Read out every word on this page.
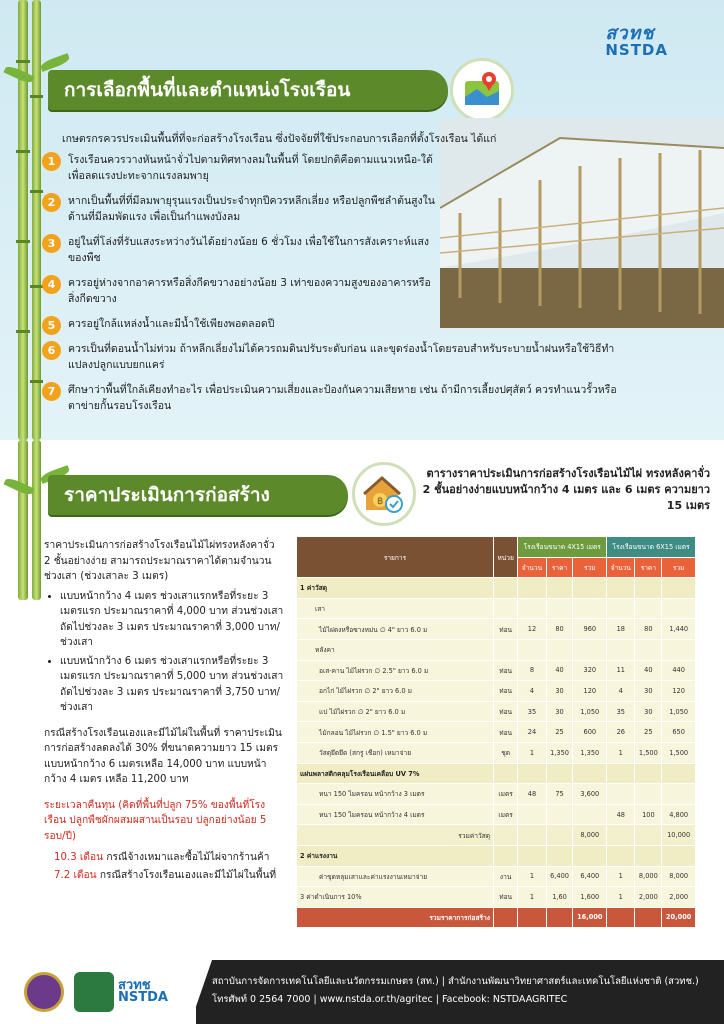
สวทช
NSTDA
การเลือกพื้นที่และตำแหน่งโรงเรือน
เกษตรกรควรประเมินพื้นที่ที่จะก่อสร้างโรงเรือน ซึ่งปัจจัยที่ใช้ประกอบการเลือกที่ตั้งโรงเรือน ได้แก่
1	โรงเรือนควรวางหันหน้าจั่วไปตามทิศทางลมในพื้นที่ โดยปกติคือตามแนวเหนือ-ใต้ เพื่อลดแรงปะทะจากแรงลมพายุ
2	หากเป็นพื้นที่ที่มีลมพายุรุนแรงเป็นประจำทุกปีควรหลีกเลี่ยง หรือปลูกพืชลำต้นสูงในด้านที่มีลมพัดแรง เพื่อเป็นกำแพงบังลม
3	อยู่ในที่โล่งที่รับแสงระหว่างวันได้อย่างน้อย 6 ชั่วโมง เพื่อใช้ในการสังเคราะห์แสงของพืช
4	ควรอยู่ห่างจากอาคารหรือสิ่งกีดขวางอย่างน้อย 3 เท่าของความสูงของอาคารหรือสิ่งกีดขวาง
5	ควรอยู่ใกล้แหล่งน้ำและมีน้ำใช้เพียงพอตลอดปี
6	ควรเป็นที่ดอนน้ำไม่ท่วม ถ้าหลีกเลี่ยงไม่ได้ควรถมดินปรับระดับก่อน และขุดร่องน้ำโดยรอบสำหรับระบายน้ำฝนหรือใช้วิธีทำแปลงปลูกแบบยกแคร่
7	ศึกษาว่าพื้นที่ใกล้เคียงทำอะไร เพื่อประเมินความเสี่ยงและป้องกันความเสียหาย เช่น ถ้ามีการเลี้ยงปศุสัตว์ ควรทำแนวรั้วหรือตาข่ายกั้นรอบโรงเรือน
ราคาประเมินการก่อสร้าง	฿
ตารางราคาประเมินการก่อสร้างโรงเรือนไม้ไผ่ ทรงหลังคาจั่ว 2 ชั้นอย่างง่ายแบบหน้ากว้าง 4 เมตร และ 6 เมตร ความยาว 15 เมตร
ราคาประเมินการก่อสร้างโรงเรือนไม้ไผ่ทรงหลังคาจั่ว 2 ชั้นอย่างง่าย สามารถประมาณราคาได้ตามจำนวนช่วงเสา (ช่วงเสาละ 3 เมตร)
• แบบหน้ากว้าง 4 เมตร ช่วงเสาแรกหรือที่ระยะ 3 เมตรแรก ประมาณราคาที่ 4,000 บาท ส่วนช่วงเสาถัดไปช่วงละ 3 เมตร ประมาณราคาที่ 3,000 บาท/ช่วงเสา
• แบบหน้ากว้าง 6 เมตร ช่วงเสาแรกหรือที่ระยะ 3 เมตรแรก ประมาณราคาที่ 5,000 บาท ส่วนช่วงเสาถัดไปช่วงละ 3 เมตร ประมาณราคาที่ 3,750 บาท/ช่วงเสา

กรณีสร้างโรงเรือนเองและมีไม้ไผ่ในพื้นที่ ราคาประเมินการก่อสร้างลดลงได้ 30% ที่ขนาดความยาว 15 เมตร แบบหน้ากว้าง 6 เมตรเหลือ 14,000 บาท แบบหน้ากว้าง 4 เมตร เหลือ 11,200 บาท

ระยะเวลาคืนทุน (คิดที่พื้นที่ปลูก 75% ของพื้นที่โรงเรือน ปลูกพืชผักผสมผสานเป็นรอบ ปลูกอย่างน้อย 5 รอบ/ปี)

10.3 เดือน กรณีจ้างเหมาและซื้อไม้ไผ่จากร้านค้า

7.2 เดือน กรณีสร้างโรงเรือนเองและมีไม้ไผ่ในพื้นที่

รายการ	หน่วย	โรงเรือนขนาด 4X15 เมตร			โรงเรือนขนาด 6X15 เมตร		
		จำนวน	ราคา	รวม	จำนวน	ราคา	รวม
1 ค่าวัสดุ							
เสา							
ไม้ไผ่ตงหรือซางหม่น ∅ 4" ยาว 6.0 ม	ท่อน	12	80	960	18	80	1,440
หลังคา							
อเส-คาน ไม้ไผ่รวก ∅ 2.5" ยาว 6.0 ม	ท่อน	8	40	320	11	40	440
อกไก่ ไม้ไผ่รวก ∅ 2" ยาว 6.0 ม	ท่อน	4	30	120	4	30	120
แป ไม้ไผ่รวก ∅ 2" ยาว 6.0 ม	ท่อน	35	30	1,050	35	30	1,050
ไม้กลอน ไม้ไผ่รวก ∅ 1.5" ยาว 6.0 ม	ท่อน	24	25	600	26	25	650
วัสดุยึดยึด (สกรู เชือก) เหมาจ่าย	ชุด	1	1,350	1,350	1	1,500	1,500
แผ่นพลาสติกคลุมโรงเรือนเคลือบ UV 7%							
หนา 150 ไมครอน หน้ากว้าง 3 เมตร	เมตร	48	75	3,600			
หนา 150 ไมครอน หน้ากว้าง 4 เมตร	เมตร				48	100	4,800
รวมค่าวัสดุ				8,000			10,000
2 ค่าแรงงาน							
ค่าขุดหลุมเสาและค่าแรงงานเหมาจ่าย	งาน	1	6,400	6,400	1	8,000	8,000
3 ค่าดำเนินการ 10%	ท่อน	1	1,60	1,600	1	2,000	2,000
รวมราคาการก่อสร้าง				16,000			20,000
สวทช
NSTDA
สถาบันการจัดการเทคโนโลยีและนวัตกรรมเกษตร (สท.) | สำนักงานพัฒนาวิทยาศาสตร์และเทคโนโลยีแห่งชาติ (สวทช.)
โทรศัพท์ 0 2564 7000 | www.nstda.or.th/agritec | Facebook: NSTDAAGRITEC
